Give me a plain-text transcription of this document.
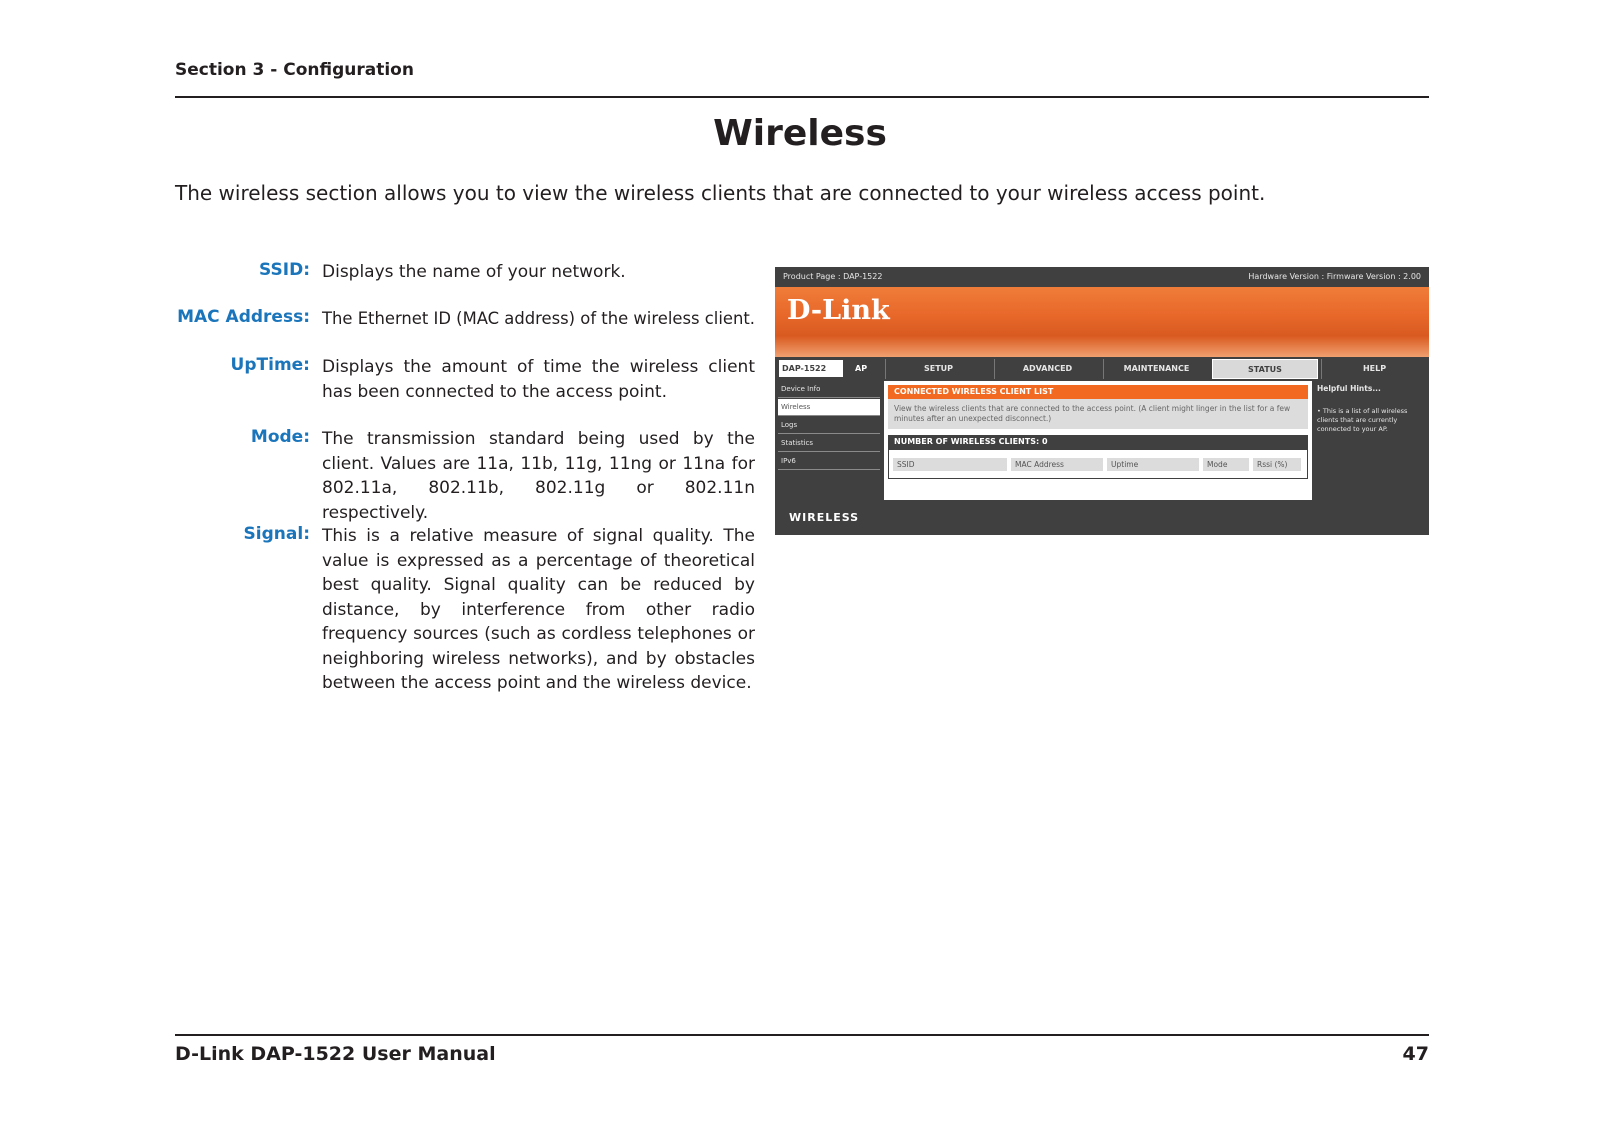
Section 3 - Configuration
Wireless
The wireless section allows you to view the wireless clients that are connected to your wireless access point.
SSID: Displays the name of your network.
MAC Address: The Ethernet ID (MAC address) of the wireless client.
UpTime: Displays the amount of time the wireless client has been connected to the access point.
Mode: The transmission standard being used by the client. Values are 11a, 11b, 11g, 11ng or 11na for 802.11a, 802.11b, 802.11g or 802.11n respectively.
Signal: This is a relative measure of signal quality. The value is expressed as a percentage of theoretical best quality. Signal quality can be reduced by distance, by interference from other radio frequency sources (such as cordless telephones or neighboring wireless networks), and by obstacles between the access point and the wireless device.
Product Page : DAP-1522	Hardware Version : Firmware Version : 2.00
D-Link
DAP-1522	AP	SETUP	ADVANCED	MAINTENANCE	STATUS	HELP
Device Info
Wireless
Logs
Statistics
IPv6
CONNECTED WIRELESS CLIENT LIST
View the wireless clients that are connected to the access point. (A client might linger in the list for a few minutes after an unexpected disconnect.)
NUMBER OF WIRELESS CLIENTS: 0
SSID	MAC Address	Uptime	Mode	Rssi (%)
Helpful Hints...
• This is a list of all wireless clients that are currently connected to your AP.
WIRELESS
D-Link DAP-1522 User Manual	47
